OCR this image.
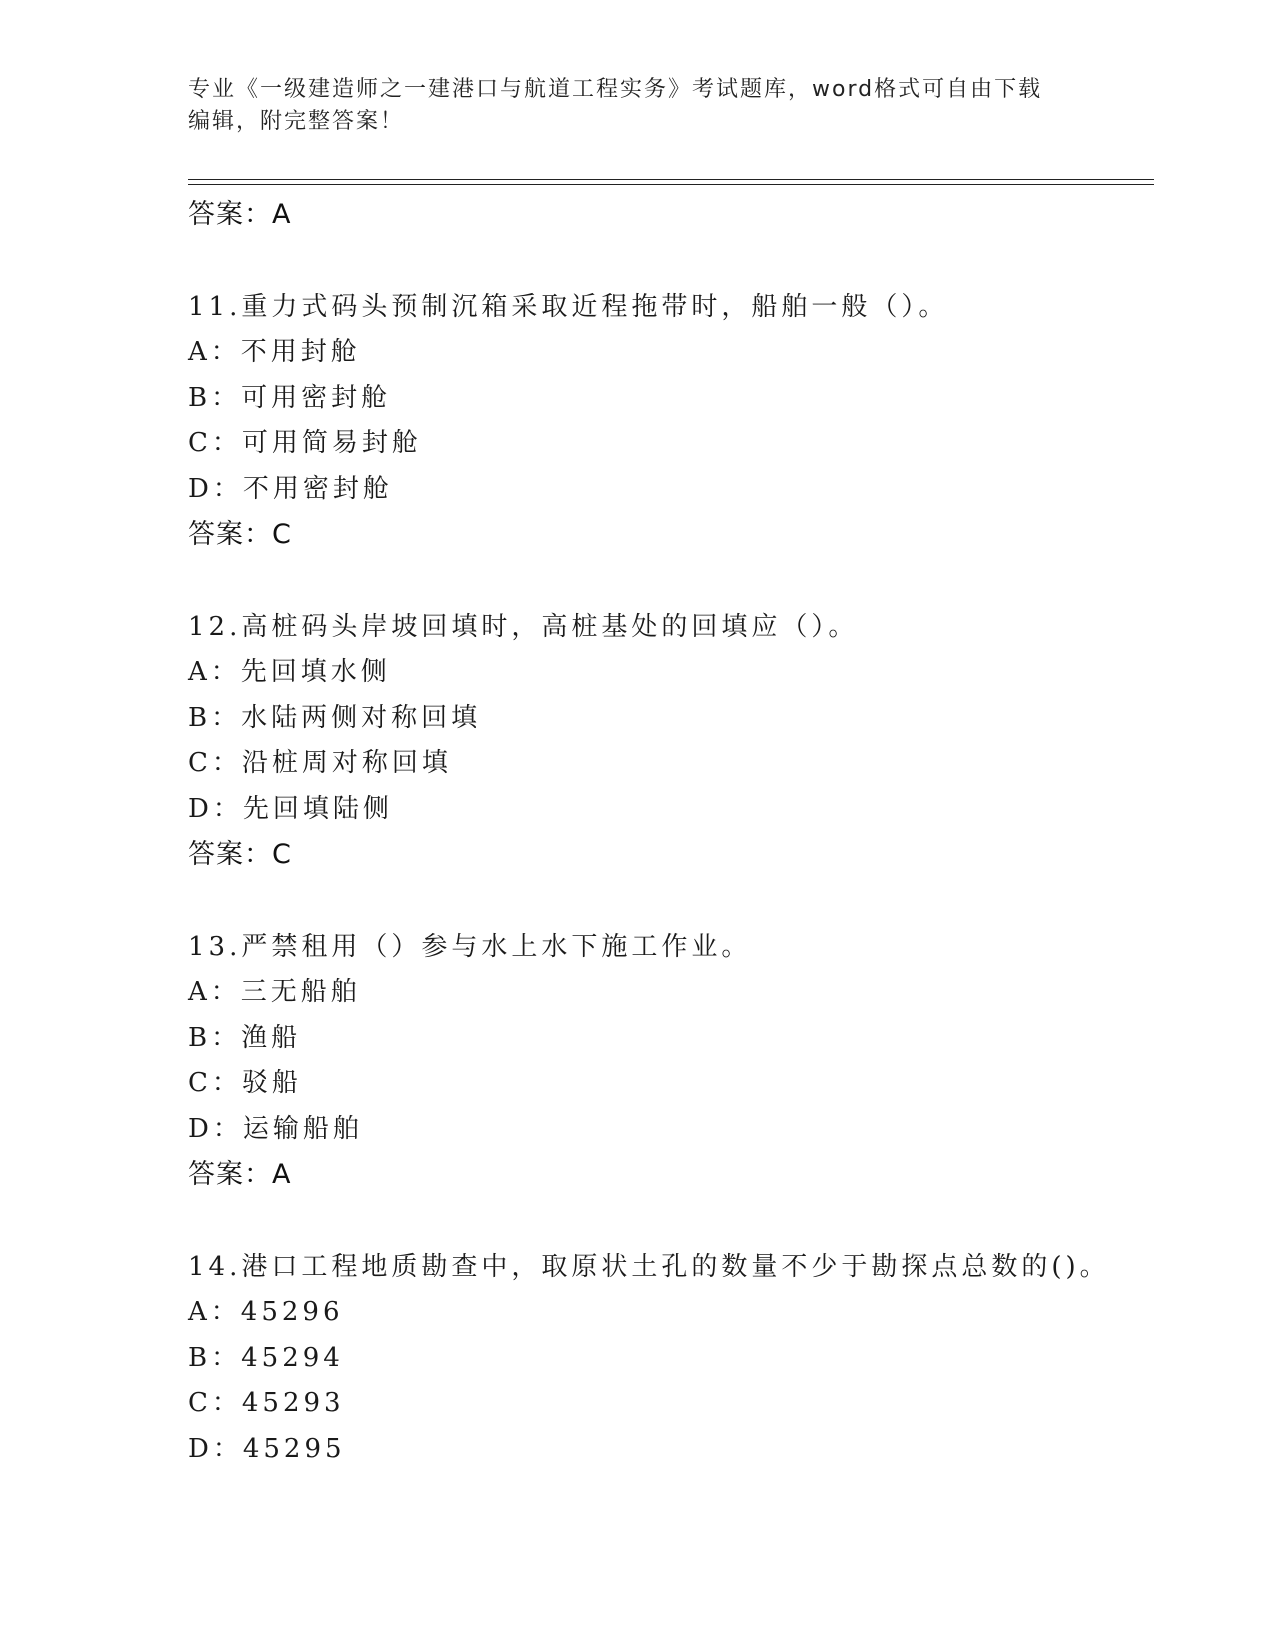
专业《一级建造师之一建港口与航道工程实务》考试题库，word格式可自由下载
编辑，附完整答案！
答案：A
11.重力式码头预制沉箱采取近程拖带时，船舶一般（）。
A：不用封舱
B：可用密封舱
C：可用简易封舱
D：不用密封舱
答案：C
12.高桩码头岸坡回填时，高桩基处的回填应（）。
A：先回填水侧
B：水陆两侧对称回填
C：沿桩周对称回填
D：先回填陆侧
答案：C
13.严禁租用（）参与水上水下施工作业。
A：三无船舶
B：渔船
C：驳船
D：运输船舶
答案：A
14.港口工程地质勘查中，取原状土孔的数量不少于勘探点总数的()。
A：45296
B：45294
C：45293
D：45295
